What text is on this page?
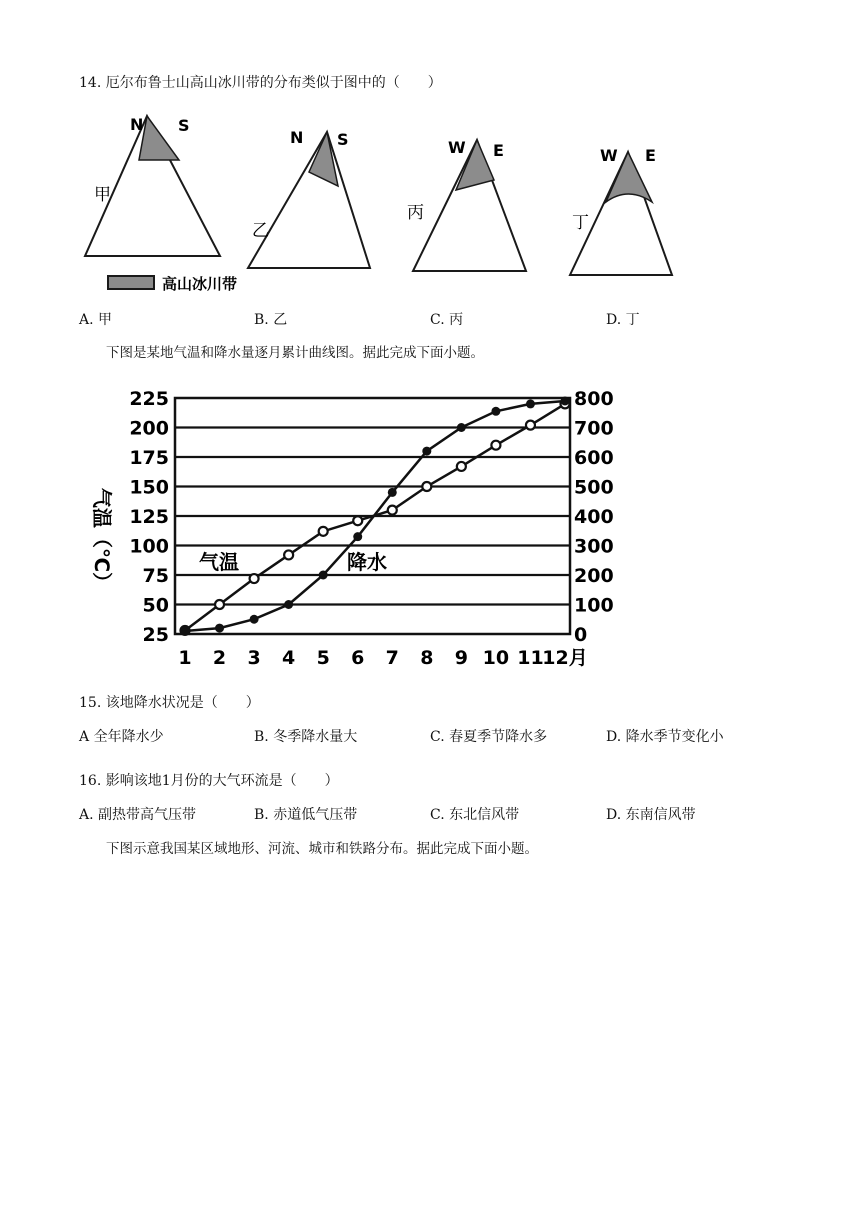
14. 厄尔布鲁士山高山冰川带的分布类似于图中的（　　）
N S
甲
N S
乙
W E
丙
W E
丁
高山冰川带
A. 甲	B. 乙	C. 丙	D. 丁
下图是某地气温和降水量逐月累计曲线图。据此完成下面小题。
25
50
75
100
125
150
175
200
225
0
100
200
300
400
500
600
700
800
1 2 3 4 5 6 7 8 9 10 11
12月
气温（℃）	气温	降水
15. 该地降水状况是（　　）
A 全年降水少	B. 冬季降水量大	C. 春夏季节降水多	D. 降水季节变化小
16. 影响该地1月份的大气环流是（　　）
A. 副热带高气压带	B. 赤道低气压带	C. 东北信风带	D. 东南信风带
下图示意我国某区域地形、河流、城市和铁路分布。据此完成下面小题。
